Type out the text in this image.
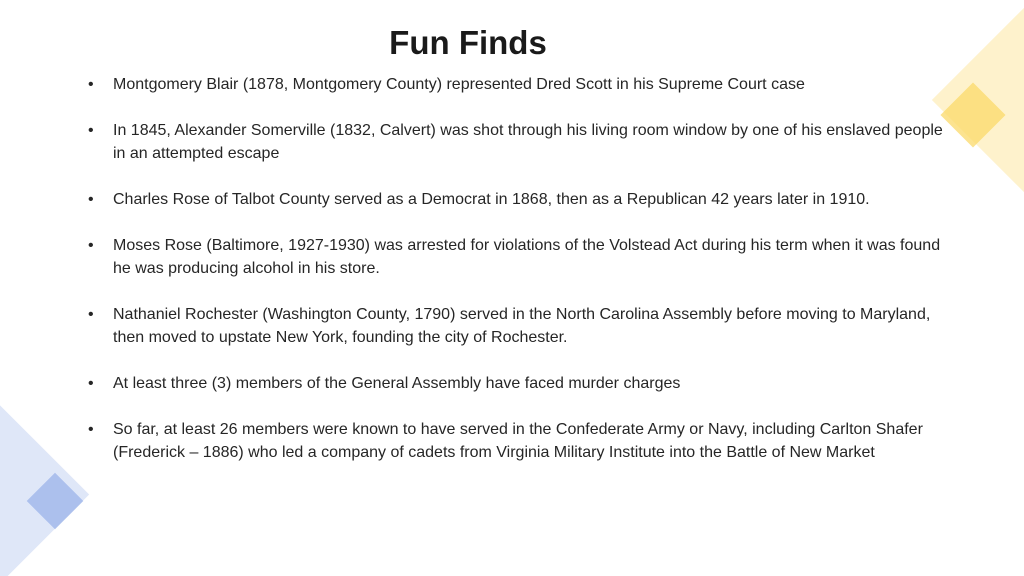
Fun Finds
• Montgomery Blair (1878, Montgomery County) represented Dred Scott in his Supreme Court case
• In 1845, Alexander Somerville (1832, Calvert) was shot through his living room window by one of his enslaved people in an attempted escape
• Charles Rose of Talbot County served as a Democrat in 1868, then as a Republican 42 years later in 1910.
• Moses Rose (Baltimore, 1927-1930) was arrested for violations of the Volstead Act during his term when it was found he was producing alcohol in his store.
• Nathaniel Rochester (Washington County, 1790) served in the North Carolina Assembly before moving to Maryland, then moved to upstate New York, founding the city of Rochester.
• At least three (3) members of the General Assembly have faced murder charges
• So far, at least 26 members were known to have served in the Confederate Army or Navy, including Carlton Shafer (Frederick – 1886) who led a company of cadets from Virginia Military Institute into the Battle of New Market
